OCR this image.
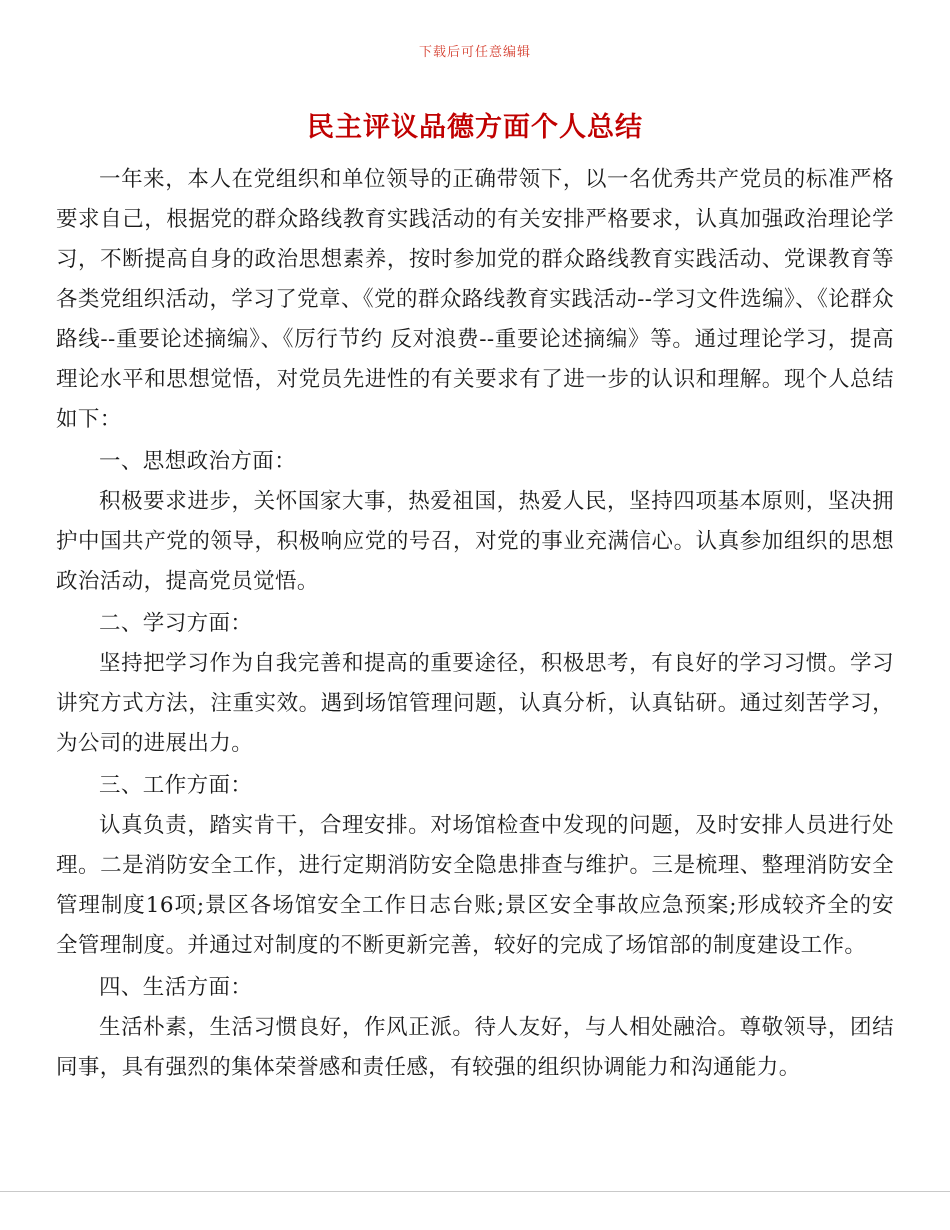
下载后可任意编辑
民主评议品德方面个人总结

一年来，本人在党组织和单位领导的正确带领下，以一名优秀共产党员的标准严格要求自己，根据党的群众路线教育实践活动的有关安排严格要求，认真加强政治理论学习，不断提高自身的政治思想素养，按时参加党的群众路线教育实践活动、党课教育等各类党组织活动，学习了党章、《党的群众路线教育实践活动--学习文件选编》、《论群众路线--重要论述摘编》、《厉行节约 反对浪费--重要论述摘编》等。通过理论学习，提高理论水平和思想觉悟，对党员先进性的有关要求有了进一步的认识和理解。现个人总结如下：

一、思想政治方面：

积极要求进步，关怀国家大事，热爱祖国，热爱人民，坚持四项基本原则，坚决拥护中国共产党的领导，积极响应党的号召，对党的事业充满信心。认真参加组织的思想政治活动，提高党员觉悟。

二、学习方面：

坚持把学习作为自我完善和提高的重要途径，积极思考，有良好的学习习惯。学习讲究方式方法，注重实效。遇到场馆管理问题，认真分析，认真钻研。通过刻苦学习，为公司的进展出力。

三、工作方面：

认真负责，踏实肯干，合理安排。对场馆检查中发现的问题，及时安排人员进行处理。二是消防安全工作，进行定期消防安全隐患排查与维护。三是梳理、整理消防安全管理制度16项;景区各场馆安全工作日志台账;景区安全事故应急预案;形成较齐全的安全管理制度。并通过对制度的不断更新完善，较好的完成了场馆部的制度建设工作。

四、生活方面：

生活朴素，生活习惯良好，作风正派。待人友好，与人相处融洽。尊敬领导，团结同事，具有强烈的集体荣誉感和责任感，有较强的组织协调能力和沟通能力。
